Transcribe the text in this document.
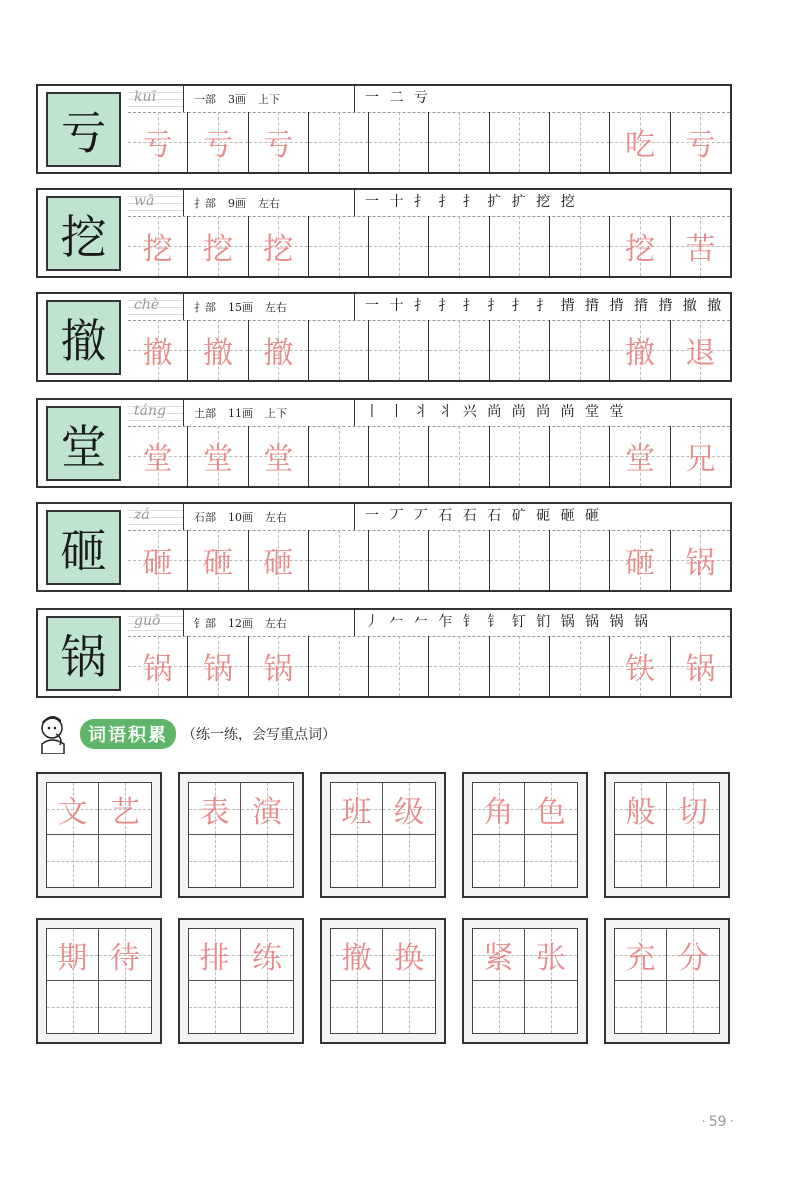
亏
kuī	一部 3画 上下	一 二 亏
亏 亏 亏	吃 亏
挖
wā	扌部 9画 左右	一 十 扌 扌 扌 扩 扩 挖 挖
挖 挖 挖	挖 苦
撤
chè	扌部 15画 左右	一 十 扌 扌 扌 扌 扌 扌 揹 揹 揹 揹 揹 撤 撤
撤 撤 撤	撤 退
堂
táng	土部 11画 上下	丨 丨 丬 丬 兴 尚 尚 尚 尚 堂 堂
堂 堂 堂	堂 兄
砸
zá	石部 10画 左右	一 丆 丆 石 石 石 矿 砈 砸 砸
砸 砸 砸	砸 锅
锅
guō	钅部 12画 左右	丿 𠂉 𠂉 乍 钅 钅 钉 钔 锅 锅 锅 锅
锅 锅 锅	铁 锅
词语积累	（练一练，会写重点词）
文 艺 表 演 班 级 角 色 般 切
期 待 排 练 撤 换 紧 张 充 分
· 59 ·
